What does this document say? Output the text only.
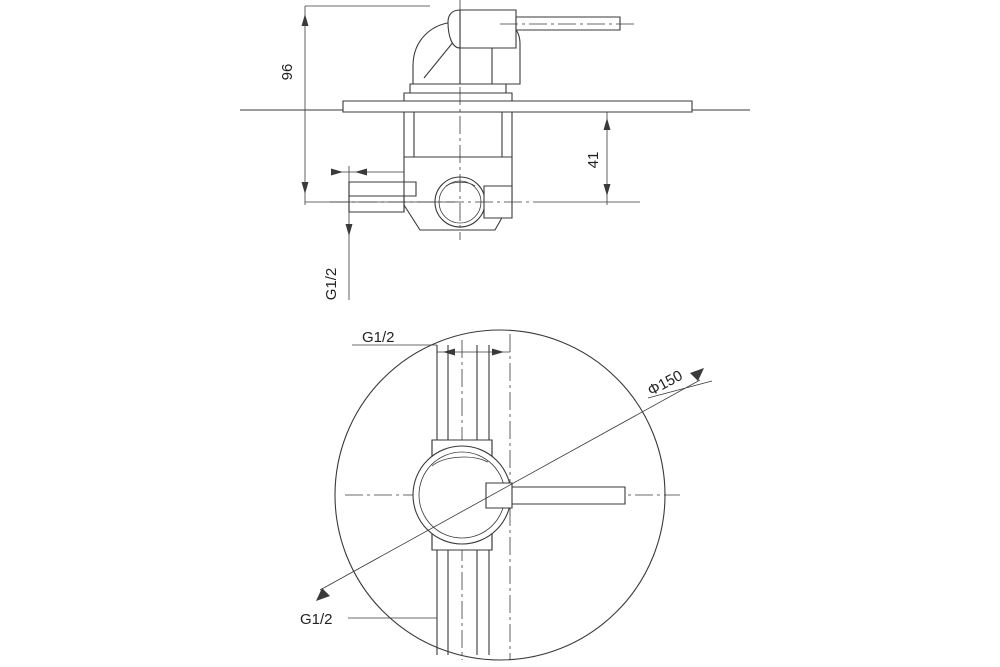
96
41
G1/2
G1/2
G1/2
Φ150
